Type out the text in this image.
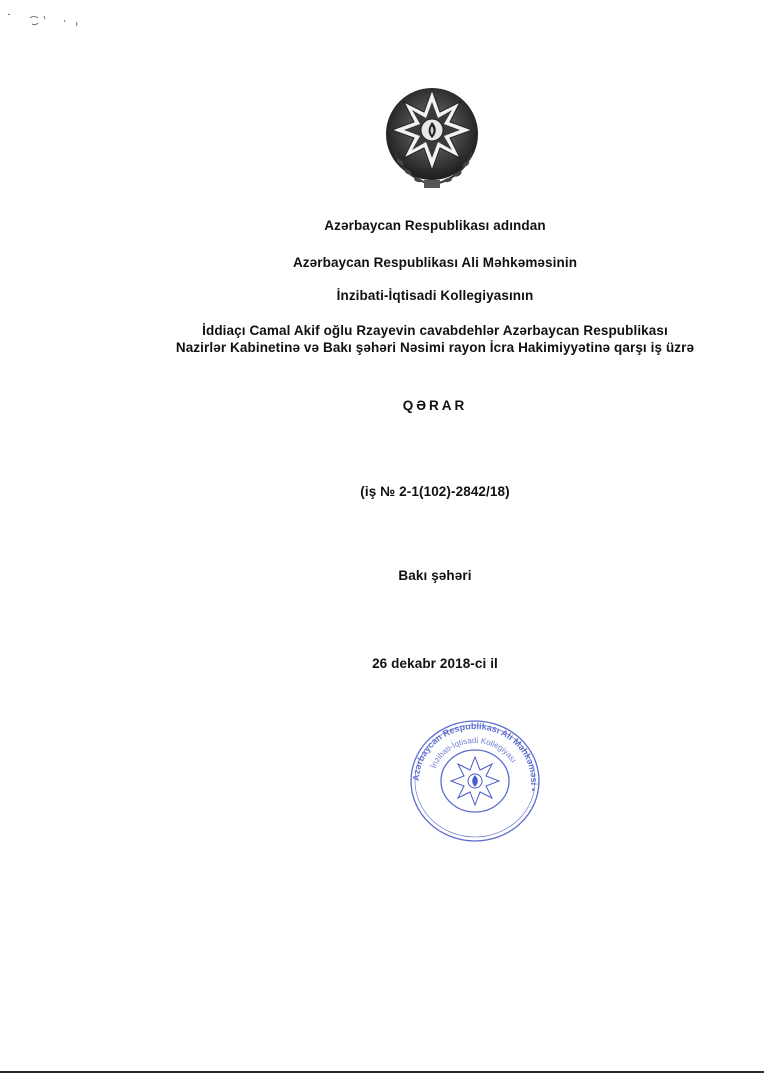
Azərbaycan Respublikası adından
Azərbaycan Respublikası Ali Məhkəməsinin
İnzibati-İqtisadi Kollegiyasının
İddiaçı Camal Akif oğlu Rzayevin cavabdehlər Azərbaycan Respublikası
Nazirlər Kabinetinə və Bakı şəhəri Nəsimi rayon İcra Hakimiyyətinə qarşı iş üzrə
QƏRAR
(iş № 2-1(102)-2842/18)
Bakı şəhəri
26 dekabr 2018-ci il
Azərbaycan Respublikası Ali Məhkəməsi •
İnzibati-İqtisadi Kollegiyası
